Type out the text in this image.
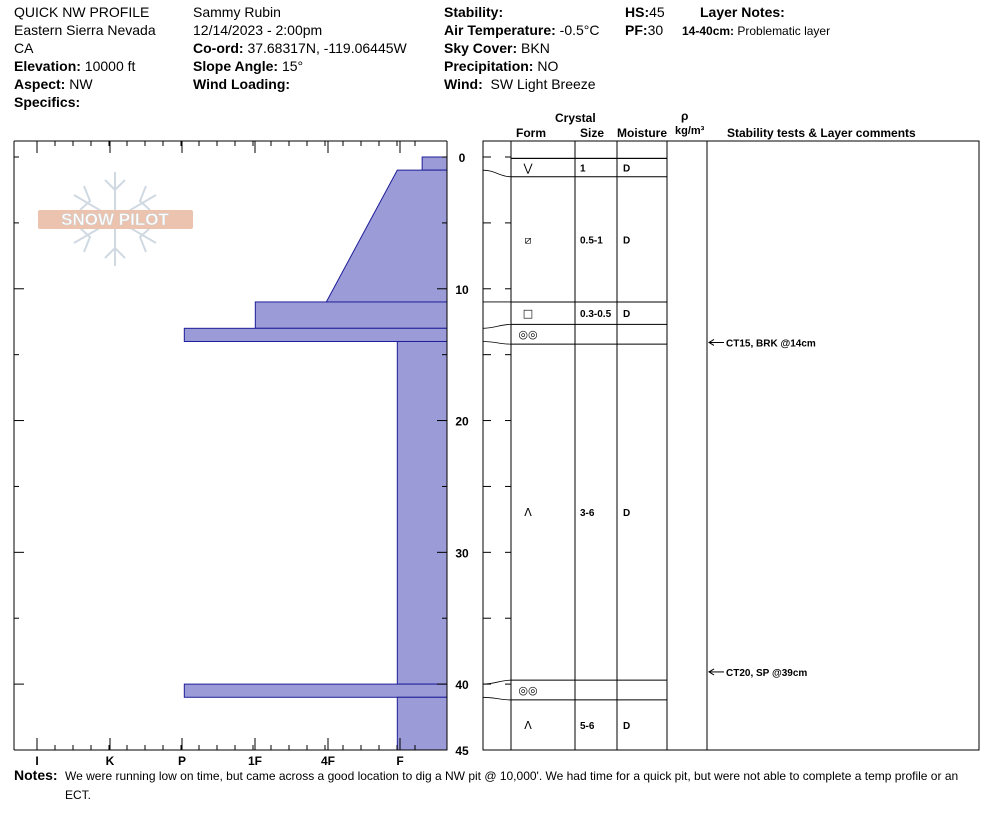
QUICK NW PROFILE
Eastern Sierra Nevada
CA
Elevation: 10000 ft
Aspect: NW
Specifics:
Sammy Rubin
12/14/2023 - 2:00pm
Co-ord: 37.68317N, -119.06445W
Slope Angle: 15°
Wind Loading:
Stability:
Air Temperature: -0.5°C
Sky Cover: BKN
Precipitation: NO
Wind: SW Light Breeze
HS:45
PF:30
Layer Notes:
14-40cm: Problematic layer
Crystal
Form	Size Moisture
ρ
kg/m³ Stability tests & Layer comments
SNOW PILOT
⋁	1	D
⧄	0.5-1 D
□	0.3-0.5 D
◎◎
ᐱ	3-6	D
◎◎
ᐱ	5-6	D
CT15, BRK @14cm
CT20, SP @39cm
I	K	P	1F	4F	F
0
10
20
30
40
45
Notes: We were running low on time, but came across a good location to dig a NW pit @ 10,000'. We had time for a quick pit, but were not able to complete a temp profile or an ECT.
